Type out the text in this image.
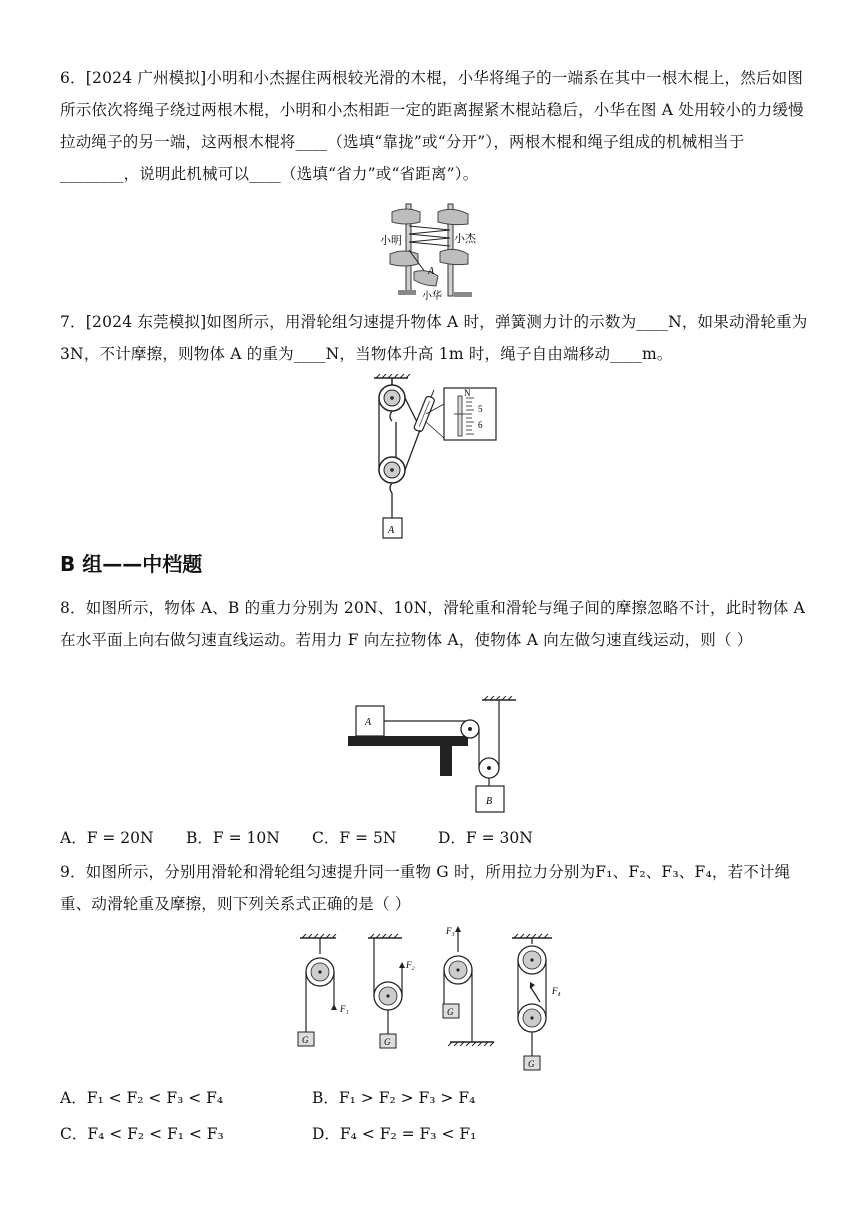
6．[2024 广州模拟]小明和小杰握住两根较光滑的木棍，小华将绳子的一端系在其中一根木棍上，然后如图所示依次将绳子绕过两根木棍，小明和小杰相距一定的距离握紧木棍站稳后，小华在图 A 处用较小的力缓慢拉动绳子的另一端，这两根木棍将____（选填“靠拢”或“分开”），两根木棍和绳子组成的机械相当于________，说明此机械可以____（选填“省力”或“省距离”）。
小明	小杰
A
小华
7．[2024 东莞模拟]如图所示，用滑轮组匀速提升物体 A 时，弹簧测力计的示数为____N，如果动滑轮重为 3N，不计摩擦，则物体 A 的重为____N，当物体升高 1m 时，绳子自由端移动____m。
N
5
6
A
B 组——中档题
8．如图所示，物体 A、B 的重力分别为 20N、10N，滑轮重和滑轮与绳子间的摩擦忽略不计，此时物体 A 在水平面上向右做匀速直线运动。若用力 F 向左拉物体 A，使物体 A 向左做匀速直线运动，则（ ）
A
B
A．F = 20N	B．F = 10N	C．F = 5N	D．F = 30N
9．如图所示，分别用滑轮和滑轮组匀速提升同一重物 G 时，所用拉力分别为F₁、F₂、F₃、F₄，若不计绳重、动滑轮重及摩擦，则下列关系式正确的是（ ）
F₁
G
F₂
G
F₃
G
F₄
G
A．F₁ < F₂ < F₃ < F₄	B．F₁ > F₂ > F₃ > F₄
C．F₄ < F₂ < F₁ < F₃	D．F₄ < F₂ = F₃ < F₁
